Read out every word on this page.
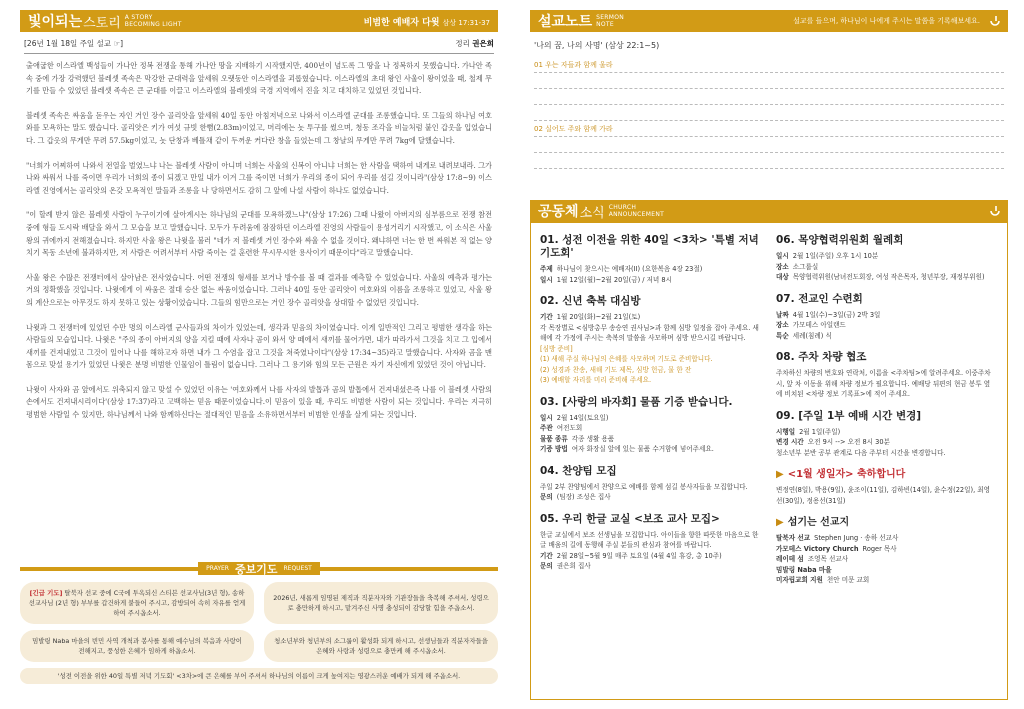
빛이되는 스토리 A STORY
BECOMING LIGHT	비범한 예배자 다윗 삼상 17:31-37
[26년 1월 18일 주일 설교 ☞]	정리 권은희

출애굽한 이스라엘 백성들이 가나안 정복 전쟁을 통해 가나안 땅을 지배하기 시작했지만, 400년이 넘도록 그 땅을 나 정복하지 못했습니다. 가나안 족속 중에 가장 강력했던 블레셋 족속은 막강한 군대력을 앞세워 오랫동안 이스라엘을 괴롭혔습니다. 이스라엘의 초대 왕인 사울이 왕이었을 때, 철제 무기를 만들 수 있었던 블레셋 족속은 큰 군대를 이끌고 이스라엘의 블레셋의 국경 지역에서 진을 치고 대치하고 있었던 것입니다.

블레셋 족속은 싸움을 돋우는 자인 거인 장수 골리앗을 앞세워 40일 동안 아침저녁으로 나와서 이스라엘 군대를 조롱했습니다. 또 그들의 하나님 여호와를 모욕하는 말도 했습니다. 골리앗은 키가 여섯 규빗 한뼘(2.83m)이었고, 머리에는 놋 투구를 썼으며, 청동 조각을 비늘처럼 붙인 갑옷을 입었습니다. 그 갑옷의 무게만 무려 57.5kg이었고, 놋 단창과 베틀채 같이 두꺼운 커다란 창을 들었는데 그 창날의 무게만 무려 7kg에 달했습니다.

"너희가 어찌하여 나와서 전열을 벌였느냐 나는 블레셋 사람이 아니며 너희는 사울의 신복이 아니냐 너희는 한 사람을 택하여 내게로 내려보내라. 그가 나와 싸워서 나를 죽이면 우리가 너희의 종이 되겠고 만일 내가 이겨 그를 죽이면 너희가 우리의 종이 되어 우리를 섬길 것이니라"(삼상 17:8~9) 이스라엘 진영에서는 골리앗의 온갖 모욕적인 말들과 조롱을 나 당하면서도 감히 그 앞에 나설 사람이 하나도 없었습니다.

"이 할례 받지 않은 블레셋 사람이 누구이기에 살아계시는 하나님의 군대를 모욕하겠느냐"(삼상 17:26) 그때 나왔이 아버지의 심부름으로 전쟁 참전 중에 형들 도시락 배달을 와서 그 모습을 보고 말했습니다. 모두가 두려움에 잠잠하던 이스라엘 진영의 사람들이 용성거리기 시작했고, 이 소식은 사울 왕의 귀에까지 전해졌습니다. 하지만 사울 왕은 나윗을 불러 "네가 저 블레셋 거인 장수와 싸울 수 없을 것이다. 왜냐하면 너는 한 번 싸워본 적 없는 양치기 목동 소년에 불과하지만, 저 사람은 어려서부터 사람 죽이는 걸 훈련한 무시무시한 용사이기 때문이다"라고 말했습니다.

사울 왕은 수많은 전쟁터에서 살아남은 전사였습니다. 어떤 전쟁의 형세를 보거나 방수를 볼 때 결과를 예측할 수 있었습니다. 사울의 예측과 평가는 거의 정확했을 것입니다. 나윗에게 이 싸움은 절대 승산 없는 싸움이었습니다. 그러나 40일 동안 골리앗이 여호와의 이름을 조롱하고 있었고, 사울 왕의 계산으로는 아무것도 하지 못하고 있는 상황이었습니다. 그들의 힘만으로는 거인 장수 골리앗을 상대할 수 없었던 것입니다.

나윗과 그 전쟁터에 있었던 수만 명의 이스라엘 군사들과의 차이가 있었는데, 생각과 믿음의 차이였습니다. 이게 일반적인 그리고 평범한 생각을 하는 사람들의 모습입니다. 나윗은 "주의 종이 아버지의 양을 지킬 때에 사자나 곰이 와서 양 떼에서 새끼를 물어가면, 내가 따라가서 그것을 치고 그 입에서 새끼를 건져내었고 그것이 일어나 나를 해하고자 하면 내가 그 수염을 잡고 그것을 쳐죽였나이다"(삼상 17:34~35)라고 말했습니다. 사자와 곰을 맨몸으로 맞설 용기가 있었던 나윗은 분명 비범한 인물임이 틀림이 없습니다. 그러나 그 용기와 힘의 모든 근원은 자기 자신에게 있었던 것이 아닙니다.

나윗이 사자와 곰 앞에서도 위축되지 않고 맞설 수 있었던 이유는 '여호와께서 나를 사자의 발톱과 곰의 발톱에서 건져내셨은즉 나를 이 블레셋 사람의 손에서도 건져내시리이다'(삼상 17:37)라고 고백하는 믿음 때문이었습니다.이 믿음이 있을 때, 우리도 비범한 사람이 되는 것입니다. 우리는 지극히 평범한 사람일 수 있지만, 하나님께서 나와 함께하신다는 절대적인 믿음을 소유하면서부터 비범한 인생을 살게 되는 것입니다.

PRAYER 중보기도 REQUEST
[긴급 기도] 탈북자 선교 중에 C국에 투옥되신 스티븐 선교사님(3년 형), 송하 선교사님 (2년 형) 부부를 갑건하게 붙들어 주시고, 감방되어 속히 자유를 얻게 하여 주시옵소서.
2026년, 새롭게 임명된 제직과 직분자자와 기관장들을 축복해 주셔서, 성령으로 충만하게 하시고, 맡겨주신 사명 충성되이 감당할 힘을 주옵소서.
밈발링 Naba 마을의 빈민 사역 개척과 봉사를 통해 예수님의 복음과 사랑이 전해지고, 풍성한 은혜가 임하게 하옵소서.
청소년부와 청년부의 소그룹이 활성화 되게 하시고, 선생님들과 직분자자들을 은혜와 사랑과 성령으로 충만케 해 주시옵소서.
'성전 이전을 위한 40일 특별 저녁 기도회' <3차>에 큰 은혜를 부어 주셔서 하나님의 이름이 크게 높여지는 영광스러운 예배가 되게 해 주옵소서.
설교노트 SERMON
NOTE	설교를 들으며, 하나님이 나에게 주시는 말씀을 기록해보세요.
'나의 꿈, 나의 사명' (삼상 22:1~5)
01 우는 자들과 함께 울라
02 실어도 주와 함께 가라
공동체 소식 CHURCH
ANNOUNCEMENT
01. 성전 이전을 위한 40일 <3차> '특별 저녁 기도회'
주제 하나님이 찾으시는 예배자(II) (요한복음 4장 23절)
일시 1월 12일(월)~2월 20일(금) / 저녁 8시
02. 신년 축복 대심방
기간 1월 20일(화)~2월 21일(토)
각 목장별로 <심방총무 송승연 권사님>과 함께 심방 일정을 잡아 주세요. 새해에 각 가정에 주시는 축복의 말씀을 사모하며 심방 받으시길 바랍니다.
[심방 준비]
(1) 새해 주실 하나님의 은혜를 사모하며 기도로 준비합니다.
(2) 성경과 찬송, 새해 기도 제목, 심방 헌금, 물 한 잔
(3) 예배할 자리를 미리 준비해 주세요.
03. [사랑의 바자회] 물품 기증 받습니다.
일시 2월 14일(토요일)
주관 여전도회
물품 종류 각종 생활 용품
기증 방법 여자 화장실 앞에 있는 물품 수거함에 넣어주세요.
04. 찬양팀 모집
주일 2부 찬양팀에서 찬양으로 예배를 함께 섬길 봉사자들을 모집합니다.
문의 (팀장) 조성은 집사
05. 우리 한글 교실 <보조 교사 모집>
한글 교실에서 보조 선생님을 모집합니다. 아이들을 향한 따뜻한 마음으로 한글 배움의 길에 동행해 주실 분들의 관심과 참여를 바랍니다.
기간 2월 28일~5월 9일 매주 토요일 (4월 4일 휴강, 총 10주)
문의 권은희 집사
06. 목양협력위원회 월례회
일시 2월 1일(주일) 오후 1시 10분
장소 소그룹실
대상 목양협력위원(남녀전도회장, 여성 작은목자, 청년부장, 재정부위원)
07. 전교인 수련회
날짜 4월 1일(수)~3일(금) 2박 3일
장소 가모테스 아일랜드
특순 세례(침례) 식
08. 주차 차량 협조
주차하신 차량의 번호와 연락처, 이름을 <주차팀>에 알려주세요. 이중주차 시, 앞 차 이동을 위해 차량 정보가 필요합니다. 예배당 뒤편의 현금 봉투 옆에 비치된 <차량 정보 기록표>에 적어 주세요.
09. [주일 1부 예배 시간 변경]
시행일 2월 1일(주일)
변경 시간 오전 9시 --> 오전 8시 30분
청소년부 분반 공부 관계로 다음 주부터 시간을 변경합니다.
▶ <1월 생일자> 축하합니다
변정연(8일), 박용(9일), 윤조이(11일), 김하빈(14일), 윤수정(22일), 최영선(30일), 정용선(31일)
▶ 섬기는 선교지
탈북자 선교 Stephen Jung · 송하 선교사
가모테스 Victory Church Roger 목사
레이테 섬 조영목 선교사
밈발링 Naba 마을
미자립교회 지원 천안 미문 교회
